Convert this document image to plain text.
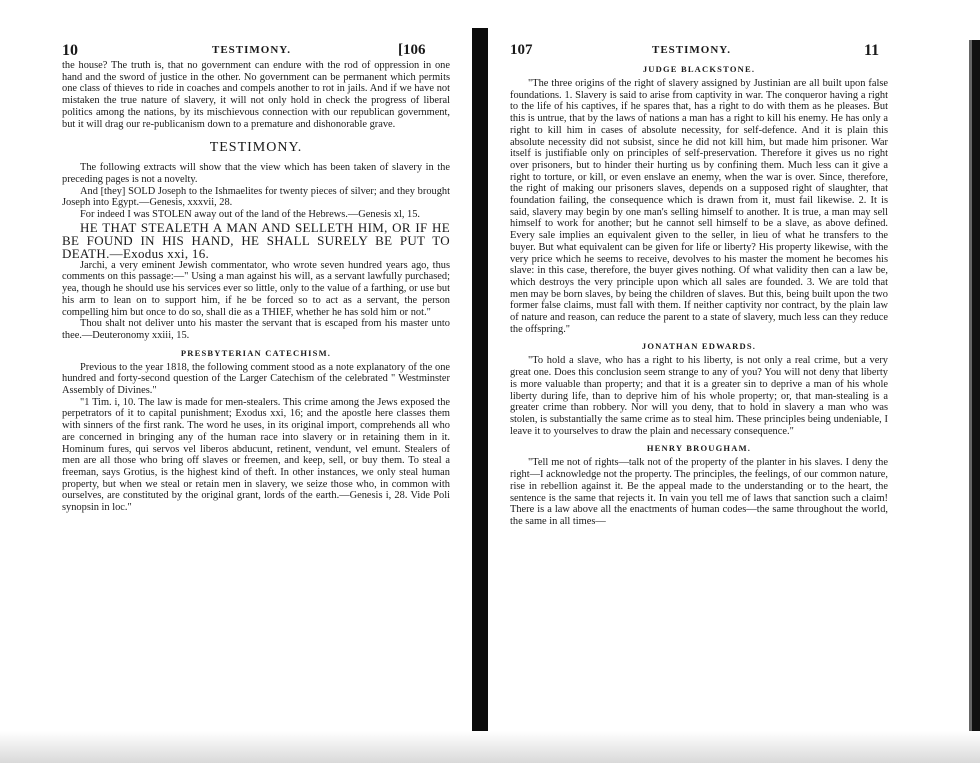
10	TESTIMONY.	[106

the house? The truth is, that no government can endure with the rod of oppression in one hand and the sword of justice in the other. No government can be permanent which permits one class of thieves to ride in coaches and compels another to rot in jails. And if we have not mistaken the true nature of slavery, it will not only hold in check the progress of liberal politics among the nations, by its mischievous connection with our republican government, but it will drag our re-publicanism down to a premature and dishonorable grave.

TESTIMONY.

The following extracts will show that the view which has been taken of slavery in the preceding pages is not a novelty.

And [they] SOLD Joseph to the Ishmaelites for twenty pieces of silver; and they brought Joseph into Egypt.—Genesis, xxxvii, 28.

For indeed I was STOLEN away out of the land of the Hebrews.—Genesis xl, 15.

HE THAT STEALETH A MAN AND SELLETH HIM, OR IF HE BE FOUND IN HIS HAND, HE SHALL SURELY BE PUT TO DEATH.—Exodus xxi, 16.

Jarchi, a very eminent Jewish commentator, who wrote seven hundred years ago, thus comments on this passage:—" Using a man against his will, as a servant lawfully purchased; yea, though he should use his services ever so little, only to the value of a farthing, or use but his arm to lean on to support him, if he be forced so to act as a servant, the person compelling him but once to do so, shall die as a THIEF, whether he has sold him or not."

Thou shalt not deliver unto his master the servant that is escaped from his master unto thee.—Deuteronomy xxiii, 15.

PRESBYTERIAN CATECHISM.

Previous to the year 1818, the following comment stood as a note explanatory of the one hundred and forty-second question of the Larger Catechism of the celebrated " Westminster Assembly of Divines."

"1 Tim. i, 10. The law is made for men-stealers. This crime among the Jews exposed the perpetrators of it to capital punishment; Exodus xxi, 16; and the apostle here classes them with sinners of the first rank. The word he uses, in its original import, comprehends all who are concerned in bringing any of the human race into slavery or in retaining them in it. Hominum fures, qui servos vel liberos abducunt, retinent, vendunt, vel emunt. Stealers of men are all those who bring off slaves or freemen, and keep, sell, or buy them. To steal a freeman, says Grotius, is the highest kind of theft. In other instances, we only steal human property, but when we steal or retain men in slavery, we seize those who, in common with ourselves, are constituted by the original grant, lords of the earth.—Genesis i, 28. Vide Poli synopsin in loc."

107	TESTIMONY.	11
JUDGE BLACKSTONE.

"The three origins of the right of slavery assigned by Justinian are all built upon false foundations. 1. Slavery is said to arise from captivity in war. The conqueror having a right to the life of his captives, if he spares that, has a right to do with them as he pleases. But this is untrue, that by the laws of nations a man has a right to kill his enemy. He has only a right to kill him in cases of absolute necessity, for self-defence. And it is plain this absolute necessity did not subsist, since he did not kill him, but made him prisoner. War itself is justifiable only on principles of self-preservation. Therefore it gives us no right over prisoners, but to hinder their hurting us by confining them. Much less can it give a right to torture, or kill, or even enslave an enemy, when the war is over. Since, therefore, the right of making our prisoners slaves, depends on a supposed right of slaughter, that foundation failing, the consequence which is drawn from it, must fail likewise. 2. It is said, slavery may begin by one man's selling himself to another. It is true, a man may sell himself to work for another; but he cannot sell himself to be a slave, as above defined. Every sale implies an equivalent given to the seller, in lieu of what he transfers to the buyer. But what equivalent can be given for life or liberty? His property likewise, with the very price which he seems to receive, devolves to his master the moment he becomes his slave: in this case, therefore, the buyer gives nothing. Of what validity then can a law be, which destroys the very principle upon which all sales are founded. 3. We are told that men may be born slaves, by being the children of slaves. But this, being built upon the two former false claims, must fall with them. If neither captivity nor contract, by the plain law of nature and reason, can reduce the parent to a state of slavery, much less can they reduce the offspring."

JONATHAN EDWARDS.

"To hold a slave, who has a right to his liberty, is not only a real crime, but a very great one. Does this conclusion seem strange to any of you? You will not deny that liberty is more valuable than property; and that it is a greater sin to deprive a man of his whole liberty during life, than to deprive him of his whole property; or, that man-stealing is a greater crime than robbery. Nor will you deny, that to hold in slavery a man who was stolen, is substantially the same crime as to steal him. These principles being undeniable, I leave it to yourselves to draw the plain and necessary consequence."

HENRY BROUGHAM.

"Tell me not of rights—talk not of the property of the planter in his slaves. I deny the right—I acknowledge not the property. The principles, the feelings, of our common nature, rise in rebellion against it. Be the appeal made to the understanding or to the heart, the sentence is the same that rejects it. In vain you tell me of laws that sanction such a claim! There is a law above all the enactments of human codes—the same throughout the world, the same in all times—
